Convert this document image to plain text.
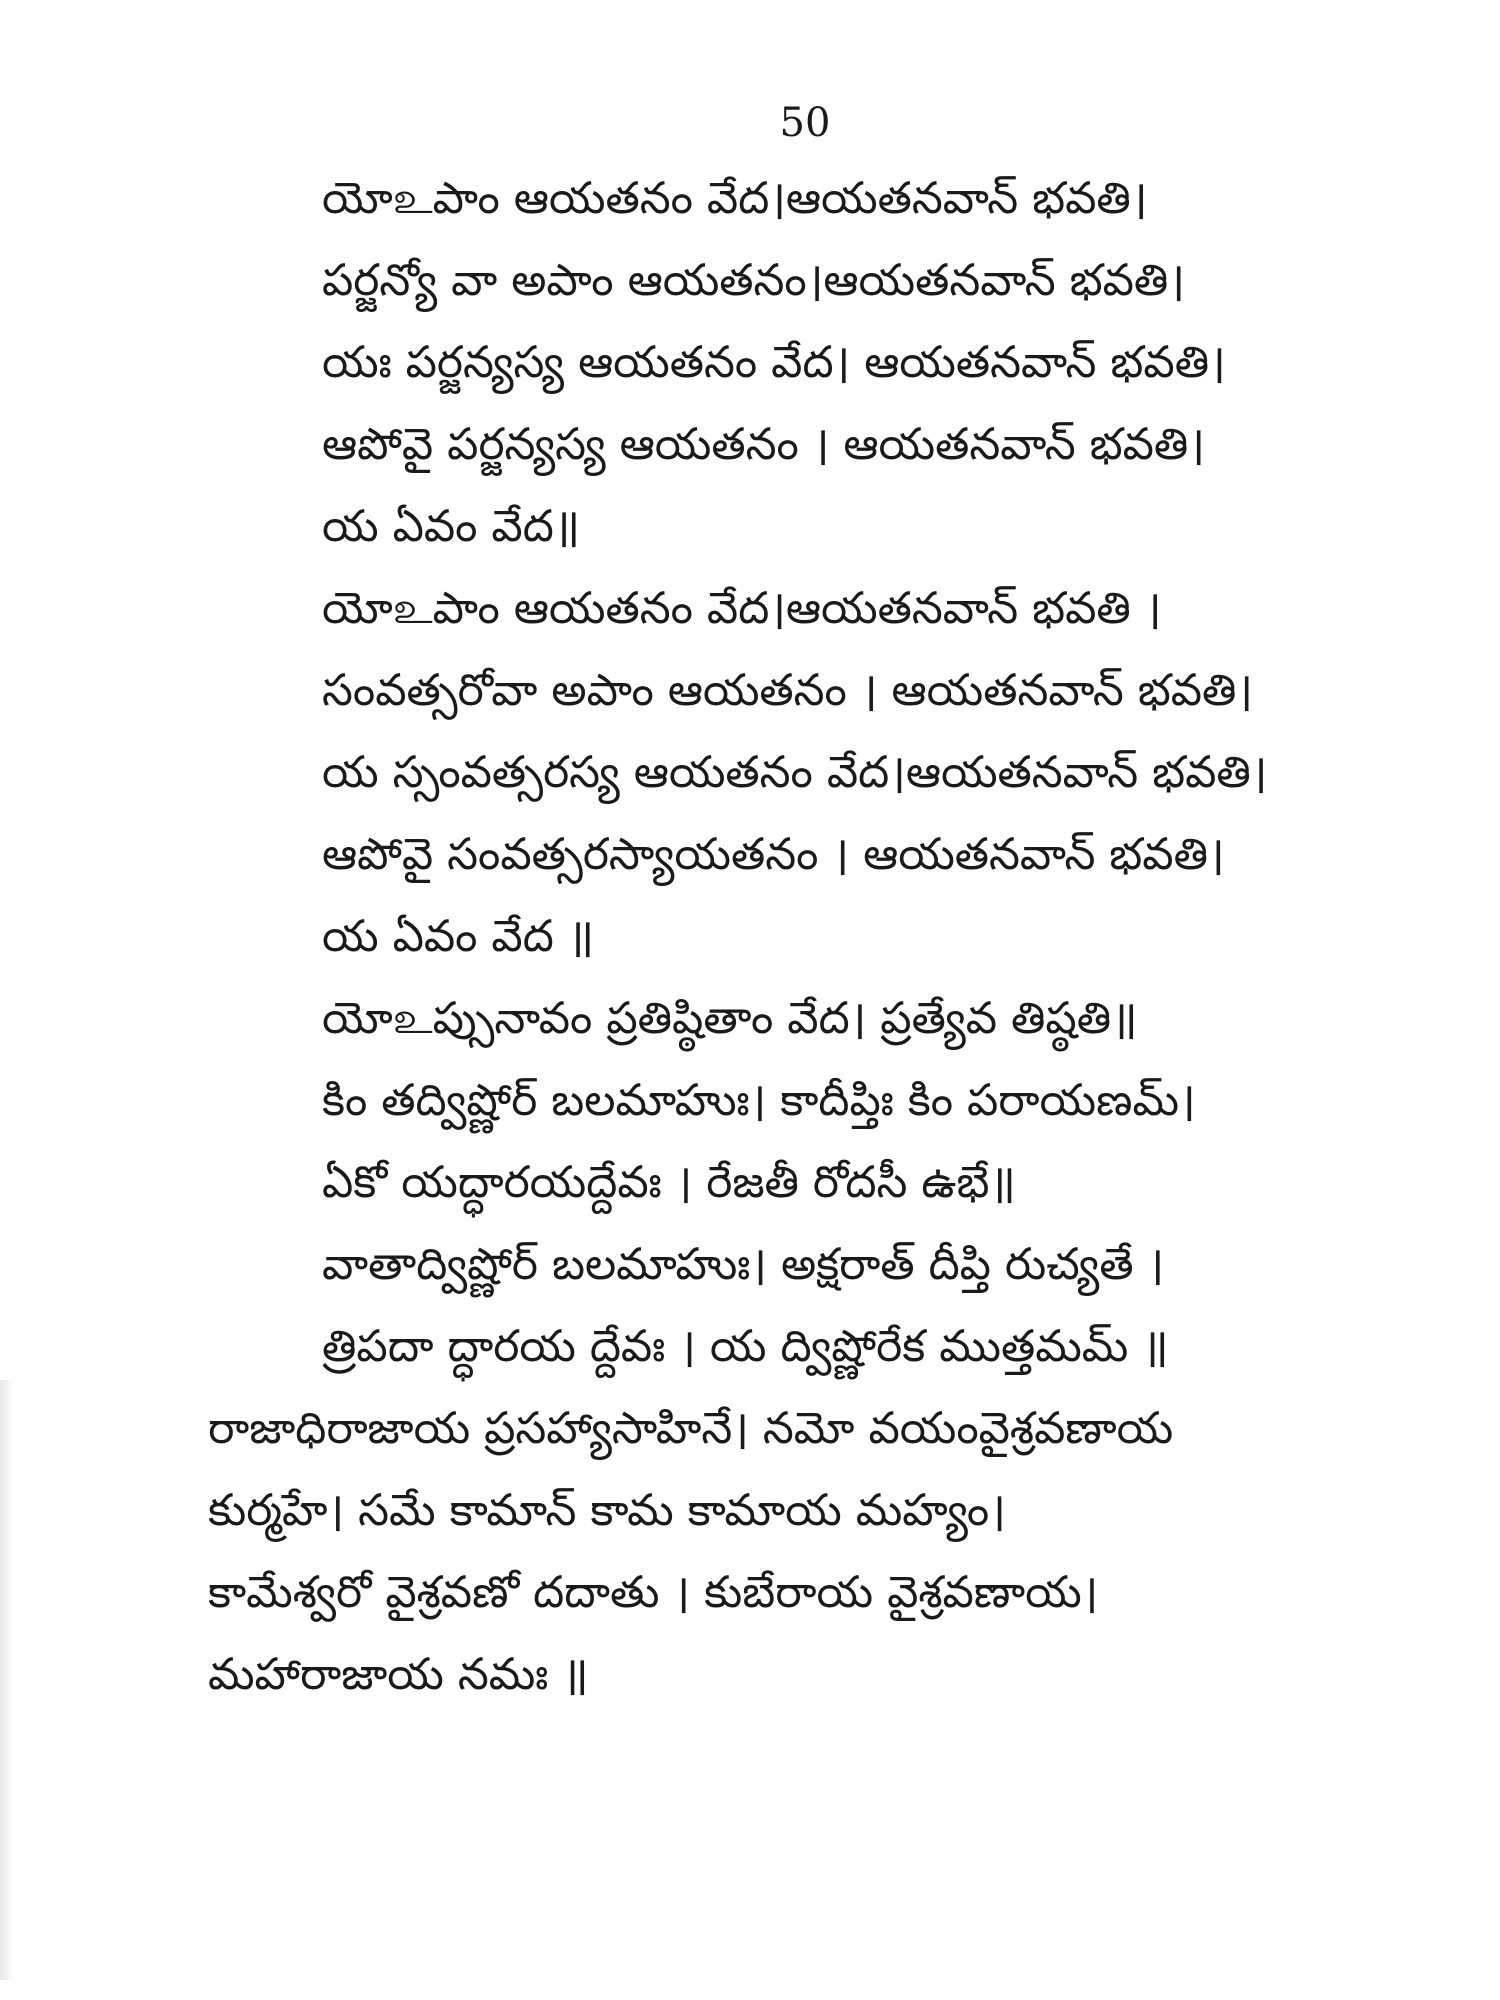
50
యోஉపాం ఆయతనం వేద।ఆయతనవాన్ భవతి।
పర్జన్యో వా అపాం ఆయతనం।ఆయతనవాన్ భవతి।
యః పర్జన్యస్య ఆయతనం వేద। ఆయతనవాన్ భవతి।
ఆపోవై పర్జన్యస్య ఆయతనం । ఆయతనవాన్ భవతి।
య ఏవం వేద॥
యోஉపాం ఆయతనం వేద।ఆయతనవాన్ భవతి ।
సంవత్సరోవా అపాం ఆయతనం । ఆయతనవాన్ భవతి।
య స్సంవత్సరస్య ఆయతనం వేద।ఆయతనవాన్ భవతి।
ఆపోవై సంవత్సరస్యాయతనం । ఆయతనవాన్ భవతి।
య ఏవం వేద ॥
యోஉప్సునావం ప్రతిష్ఠితాం వేద। ప్రత్యేవ తిష్ఠతి॥
కిం తద్విష్ణోర్ బలమాహుః। కాదీప్తిః కిం పరాయణమ్।
ఏకో యద్ధారయద్దేవః । రేజతీ రోదసీ ఉభే॥
వాతాద్విష్ణోర్ బలమాహుః। అక్షరాత్ దీప్తి రుచ్యతే ।
త్రిపదా ద్ధారయ ద్దేవః । య ద్విష్ణోరేక ముత్తమమ్ ॥
రాజాధిరాజాయ ప్రసహ్యాసాహినే। నమో వయంవైశ్రవణాయ
కుర్మహే। సమే కామాన్ కామ కామాయ మహ్యం।
కామేశ్వరో వైశ్రవణో దదాతు । కుబేరాయ వైశ్రవణాయ।
మహారాజాయ నమః ॥
